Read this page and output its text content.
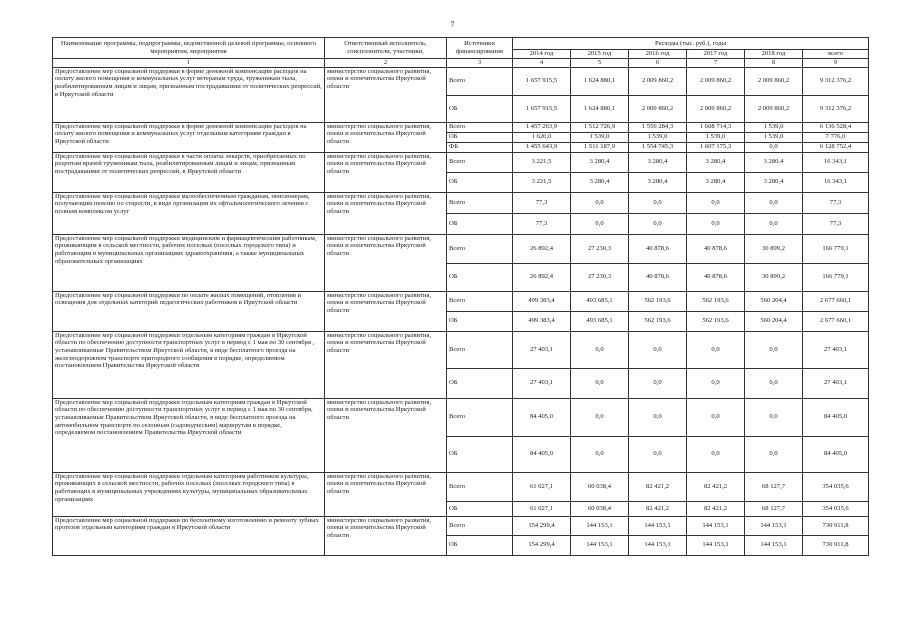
7
Наименование программы, подпрограммы, ведомственной целевой программы, основного мероприятия, мероприятия	Ответственный исполнитель, соисполнители, участники,	Источники финансирования	Расходы (тыс. руб.), годы					
			2014 год	2015 год	2016 год	2017 год	2018 год	всего
1	2	3	4	5	6	7	8	9
Предоставление мер социальной поддержки в форме денежной компенсации расходов на оплату жилого помещения и коммунальных услуг ветеранам труда, труженикам тыла, реабилитированным лицам и лицам, признанным пострадавшими от политических репрессий, в Иркутской области	министерство социального развития, опеки и попечительства Иркутской области	Всего	1 657 915,5	1 624 880,1	2 009 860,2	2 009 860,2	2 009 860,2	9 312 376,2
		ОБ	1 657 915,5	1 624 880,1	2 009 860,2	2 009 860,2	2 009 860,2	9 312 376,2
Предоставление мер социальной поддержки в форме денежной компенсации расходов на оплату жилого помещения и коммунальных услуг отдельным категориям граждан в Иркутской области	министерство социального развития, опеки и попечительства Иркутской области	Всего	1 457 263,9	1 512 726,9	1 556 284,3	1 608 714,3	1 539,0	6 136 528,4
		ОБ	1 620,0	1 539,0	1 539,0	1 539,0	1 539,0	7 776,0
		ФБ	1 455 643,9	1 511 187,9	1 554 745,3	1 607 175,3	0,0	6 128 752,4
Предоставление мер социальной поддержки в части оплаты лекарств, приобретаемых по рецептам врачей труженикам тыла, реабилитированным лицам и лицам, признанным пострадавшими от политических репрессий, в Иркутской области	министерство социального развития, опеки и попечительства Иркутской области	Всего	3 221,5	3 280,4	3 280,4	3 280,4	3 280,4	16 343,1
		ОБ	3 221,5	3 280,4	3 280,4	3 280,4	3 280,4	16 343,1
Предоставление мер социальной поддержки малообеспеченным гражданам, пенсионерам, получающим пенсию по старости, в виде организации их офтальмологического лечения с полным комплексом услуг	министерство социального развития, опеки и попечительства Иркутской области	Всего	77,3	0,0	0,0	0,0	0,0	77,3
		ОБ	77,3	0,0	0,0	0,0	0,0	77,3
Предоставление мер социальной поддержки медицинским и фармацевтическим работникам, проживающим в сельской местности, рабочих поселках (поселках городского типа) и работающим в муниципальных организациях здравоохранения, а также муниципальных образовательных организациях	министерство социального развития, опеки и попечительства Иркутской области	Всего	26 892,4	27 230,3	40 878,6	40 878,6	30 899,2	166 779,1
		ОБ	26 892,4	27 230,3	40 878,6	40 878,6	30 899,2	166 779,1
Предоставление мер социальной поддержки по оплате жилых помещений, отопления и освещения для отдельных категорий педагогических работников в Иркутской области	министерство социального развития, опеки и попечительства Иркутской области	Всего	499 383,4	493 685,1	562 193,6	562 193,6	560 204,4	2 677 660,1
		ОБ	499 383,4	493 685,1	562 193,6	562 193,6	560 204,4	2 677 660,1
Предоставление мер социальной поддержки отдельным категориям граждан в Иркутской области по обеспечению доступности транспортных услуг в период с 1 мая по 30 сентября , устанавливаемые Правительством Иркутской области, в виде бесплатного проезда на железнодорожном транспорте пригородного сообщения в порядке, определяемом постановлением Правительства Иркутской области	министерство социального развития, опеки и попечительства Иркутской области	Всего	27 403,1	0,0	0,0	0,0	0,0	27 403,1
		ОБ	27 403,1	0,0	0,0	0,0	0,0	27 403,1
Предоставление мер социальной поддержки отдельным категориям граждан в Иркутской области по обеспечению доступности транспортных услуг в период с 1 мая по 30 сентября, устанавливаемые Правительством Иркутской области, в виде бесплатного проезда на автомобильном транспорте по сезонным (садоводческим) маршрутам в порядке, определяемом постановлением Правительства Иркутской области	министерство социального развития, опеки и попечительства Иркутской области	Всего	84 405,0	0,0	0,0	0,0	0,0	84 405,0
		ОБ	84 405,0	0,0	0,0	0,0	0,0	84 405,0
Предоставление мер социальной поддержки отдельным категориям работников культуры, проживающих в сельской местности, рабочих поселках (поселках городского типа) в работающих в муниципальных учреждениях культуры, муниципальных образовательных организациях	министерство социального развития, опеки и попечительства Иркутской области	Всего	61 027,1	60 038,4	82 421,2	82 421,2	68 127,7	354 035,6
		ОБ	61 027,1	60 038,4	82 421,2	82 421,2	68 127,7	354 035,6
Предоставление мер социальной поддержки по бесплатному изготовлению и ремонту зубных протезов отдельным категориям граждан в Иркутской области	министерство социального развития, опеки и попечительства Иркутской области	Всего	154 299,4	144 153,1	144 153,1	144 153,1	144 153,1	730 911,8
		ОБ	154 299,4	144 153,1	144 153,1	144 153,1	144 153,1	730 911,8
